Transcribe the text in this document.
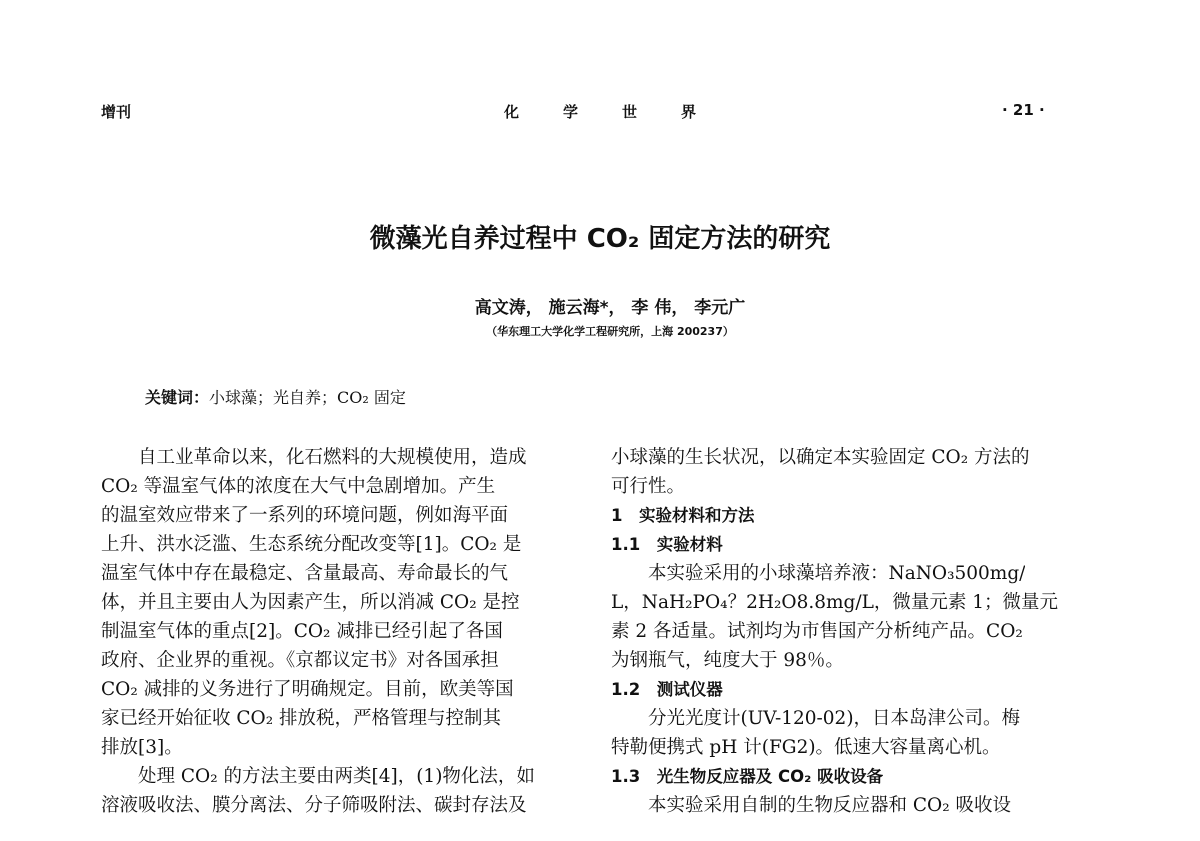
增刊	化学世界	· 21 ·
微藻光自养过程中 CO₂ 固定方法的研究
高文涛， 施云海*， 李 伟， 李元广
（华东理工大学化学工程研究所，上海 200237）
关键词：小球藻；光自养；CO₂ 固定
　　自工业革命以来，化石燃料的大规模使用，造成
CO₂ 等温室气体的浓度在大气中急剧增加。产生
的温室效应带来了一系列的环境问题，例如海平面
上升、洪水泛滥、生态系统分配改变等[1]。CO₂ 是
温室气体中存在最稳定、含量最高、寿命最长的气
体，并且主要由人为因素产生，所以消减 CO₂ 是控
制温室气体的重点[2]。CO₂ 减排已经引起了各国
政府、企业界的重视。《京都议定书》对各国承担
CO₂ 减排的义务进行了明确规定。目前，欧美等国
家已经开始征收 CO₂ 排放税，严格管理与控制其
排放[3]。
　　处理 CO₂ 的方法主要由两类[4]，(1)物化法，如
溶液吸收法、膜分离法、分子筛吸附法、碳封存法及
小球藻的生长状况，以确定本实验固定 CO₂ 方法的
可行性。
1　实验材料和方法
1.1　实验材料
　　本实验采用的小球藻培养液：NaNO₃500mg/
L，NaH₂PO₄？2H₂O8.8mg/L，微量元素 1；微量元
素 2 各适量。试剂均为市售国产分析纯产品。CO₂
为钢瓶气，纯度大于 98％。
1.2　测试仪器
　　分光光度计(UV-120-02)，日本岛津公司。梅
特勒便携式 pH 计(FG2)。低速大容量离心机。
1.3　光生物反应器及 CO₂ 吸收设备
　　本实验采用自制的生物反应器和 CO₂ 吸收设
